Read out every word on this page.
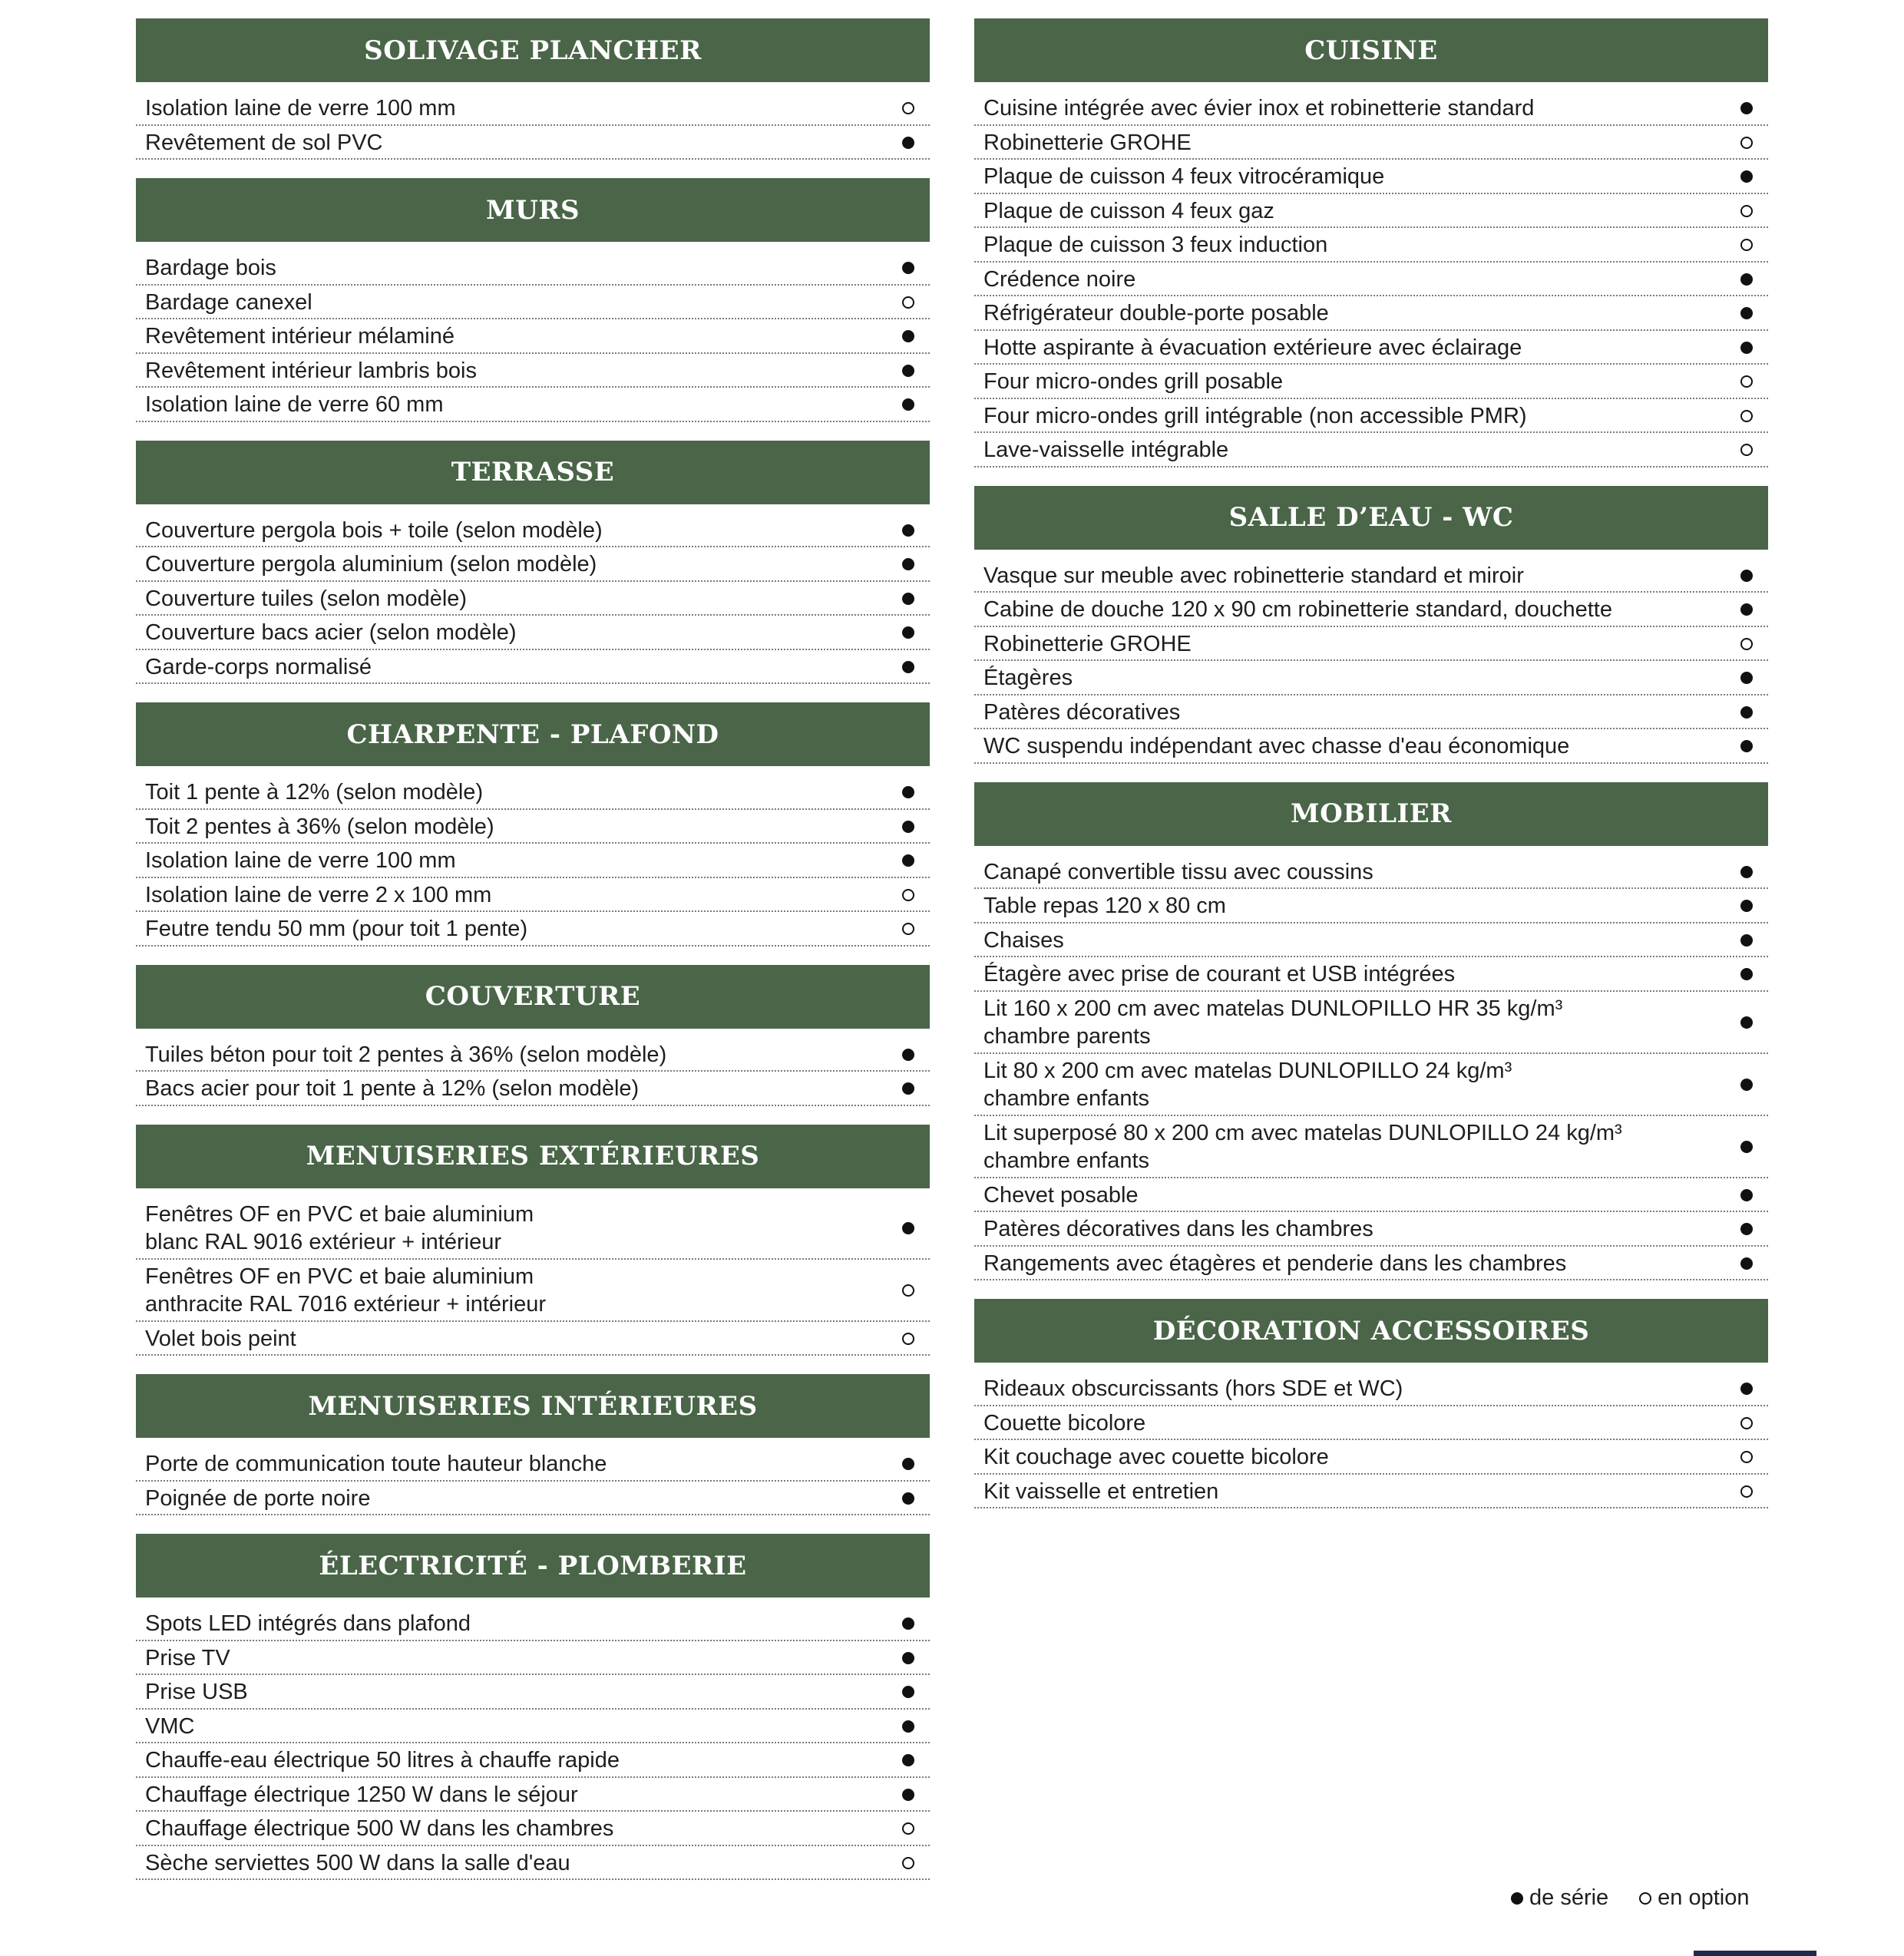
SOLIVAGE PLANCHER
Isolation laine de verre 100 mm
Revêtement de sol PVC
MURS
Bardage bois
Bardage canexel
Revêtement intérieur mélaminé
Revêtement intérieur lambris bois
Isolation laine de verre 60 mm
TERRASSE
Couverture pergola bois + toile (selon modèle)
Couverture pergola aluminium (selon modèle)
Couverture tuiles (selon modèle)
Couverture bacs acier (selon modèle)
Garde-corps normalisé
CHARPENTE - PLAFOND
Toit 1 pente à 12% (selon modèle)
Toit 2 pentes à 36% (selon modèle)
Isolation laine de verre 100 mm
Isolation laine de verre 2 x 100 mm
Feutre tendu 50 mm (pour toit 1 pente)
COUVERTURE
Tuiles béton pour toit 2 pentes à 36% (selon modèle)
Bacs acier pour toit 1 pente à 12% (selon modèle)
MENUISERIES EXTÉRIEURES
Fenêtres OF en PVC et baie aluminium
blanc RAL 9016 extérieur + intérieur
Fenêtres OF en PVC et baie aluminium
anthracite RAL 7016 extérieur + intérieur
Volet bois peint
MENUISERIES INTÉRIEURES
Porte de communication toute hauteur blanche
Poignée de porte noire
ÉLECTRICITÉ - PLOMBERIE
Spots LED intégrés dans plafond
Prise TV
Prise USB
VMC
Chauffe-eau électrique 50 litres à chauffe rapide
Chauffage électrique 1250 W dans le séjour
Chauffage électrique 500 W dans les chambres
Sèche serviettes 500 W dans la salle d'eau
CUISINE
Cuisine intégrée avec évier inox et robinetterie standard
Robinetterie GROHE
Plaque de cuisson 4 feux vitrocéramique
Plaque de cuisson 4 feux gaz
Plaque de cuisson 3 feux induction
Crédence noire
Réfrigérateur double-porte posable
Hotte aspirante à évacuation extérieure avec éclairage
Four micro-ondes grill posable
Four micro-ondes grill intégrable (non accessible PMR)
Lave-vaisselle intégrable
SALLE D’EAU - WC
Vasque sur meuble avec robinetterie standard et miroir
Cabine de douche 120 x 90 cm robinetterie standard, douchette
Robinetterie GROHE
Étagères
Patères décoratives
WC suspendu indépendant avec chasse d'eau économique
MOBILIER
Canapé convertible tissu avec coussins
Table repas 120 x 80 cm
Chaises
Étagère avec prise de courant et USB intégrées
Lit 160 x 200 cm avec matelas DUNLOPILLO HR 35 kg/m³
chambre parents
Lit 80 x 200 cm avec matelas DUNLOPILLO 24 kg/m³
chambre enfants
Lit superposé 80 x 200 cm avec matelas DUNLOPILLO 24 kg/m³
chambre enfants
Chevet posable
Patères décoratives dans les chambres
Rangements avec étagères et penderie dans les chambres
DÉCORATION ACCESSOIRES
Rideaux obscurcissants (hors SDE et WC)
Couette bicolore
Kit couchage avec couette bicolore
Kit vaisselle et entretien
de série en option
